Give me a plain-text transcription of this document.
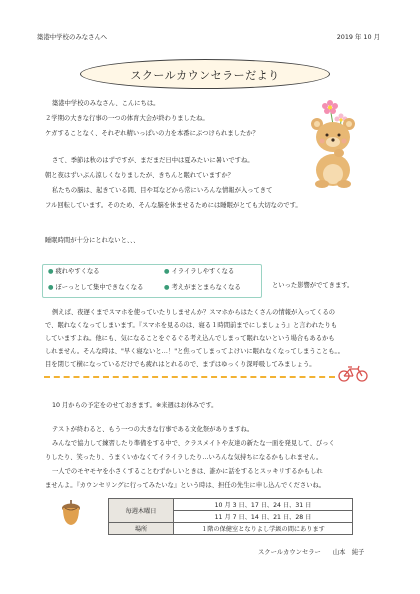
築港中学校のみなさんへ	2019 年 10 月
スクールカウンセラーだより
築港中学校のみなさん、こんにちは。
２学期の大きな行事の一つの体育大会が終わりましたね。
ケガすることなく、それぞれ精いっぱいの力を本番にぶつけられましたか？
さて、季節は秋のはずですが、まだまだ日中は夏みたいに暑いですね。
朝と夜はずいぶん涼しくなりましたが、きちんと眠れていますか？
私たちの脳は、起きている間、目や耳などから常にいろんな情報が入ってきて
フル回転しています。そのため、そんな脳を休ませるためには睡眠がとても大切なのです。
睡眠時間が十分にとれないと、、、
● 疲れやすくなる
● ぼーっとして集中できなくなる
● イライラしやすくなる
● 考えがまとまらなくなる	といった影響がでてきます。
例えば、夜遅くまでスマホを使っていたりしませんか？スマホからはたくさんの情報が入ってくるの
で、眠れなくなってしまいます。『スマホを見るのは、寝る１時間前までにしましょう』と言われたりも
していますよね。他にも、気になることをぐるぐる考え込んでしまって眠れないという場合もあるかも
しれません。そんな時は、"早く寝ないと…！"と焦ってしまってよけいに眠れなくなってしまうことも。。
目を閉じて横になっているだけでも疲れはとれるので、まずはゆっくり深呼吸してみましょう。
10 月からの予定をのせておきます。※来週はお休みです。
テストが終わると、もう一つの大きな行事である文化祭がありますね。
みんなで協力して練習したり準備をする中で、クラスメイトや友達の新たな一面を発見して、びっく
りしたり、笑ったり、うまくいかなくてイライラしたり…いろんな気持ちになるかもしれません。
一人でのモヤモヤを小さくすることむずかしいときは、誰かに話をするとスッキリするかもしれ
ませんよ。『カウンセリングに行ってみたいな』という時は、担任の先生に申し込んでくださいね。
毎週木曜日	10 月 3 日、17 日、24 日、31 日
	11 月 7 日、14 日、21 日、28 日
場所	１階の保健室となりよし学級の間にあります
スクールカウンセラー 山本　純子
